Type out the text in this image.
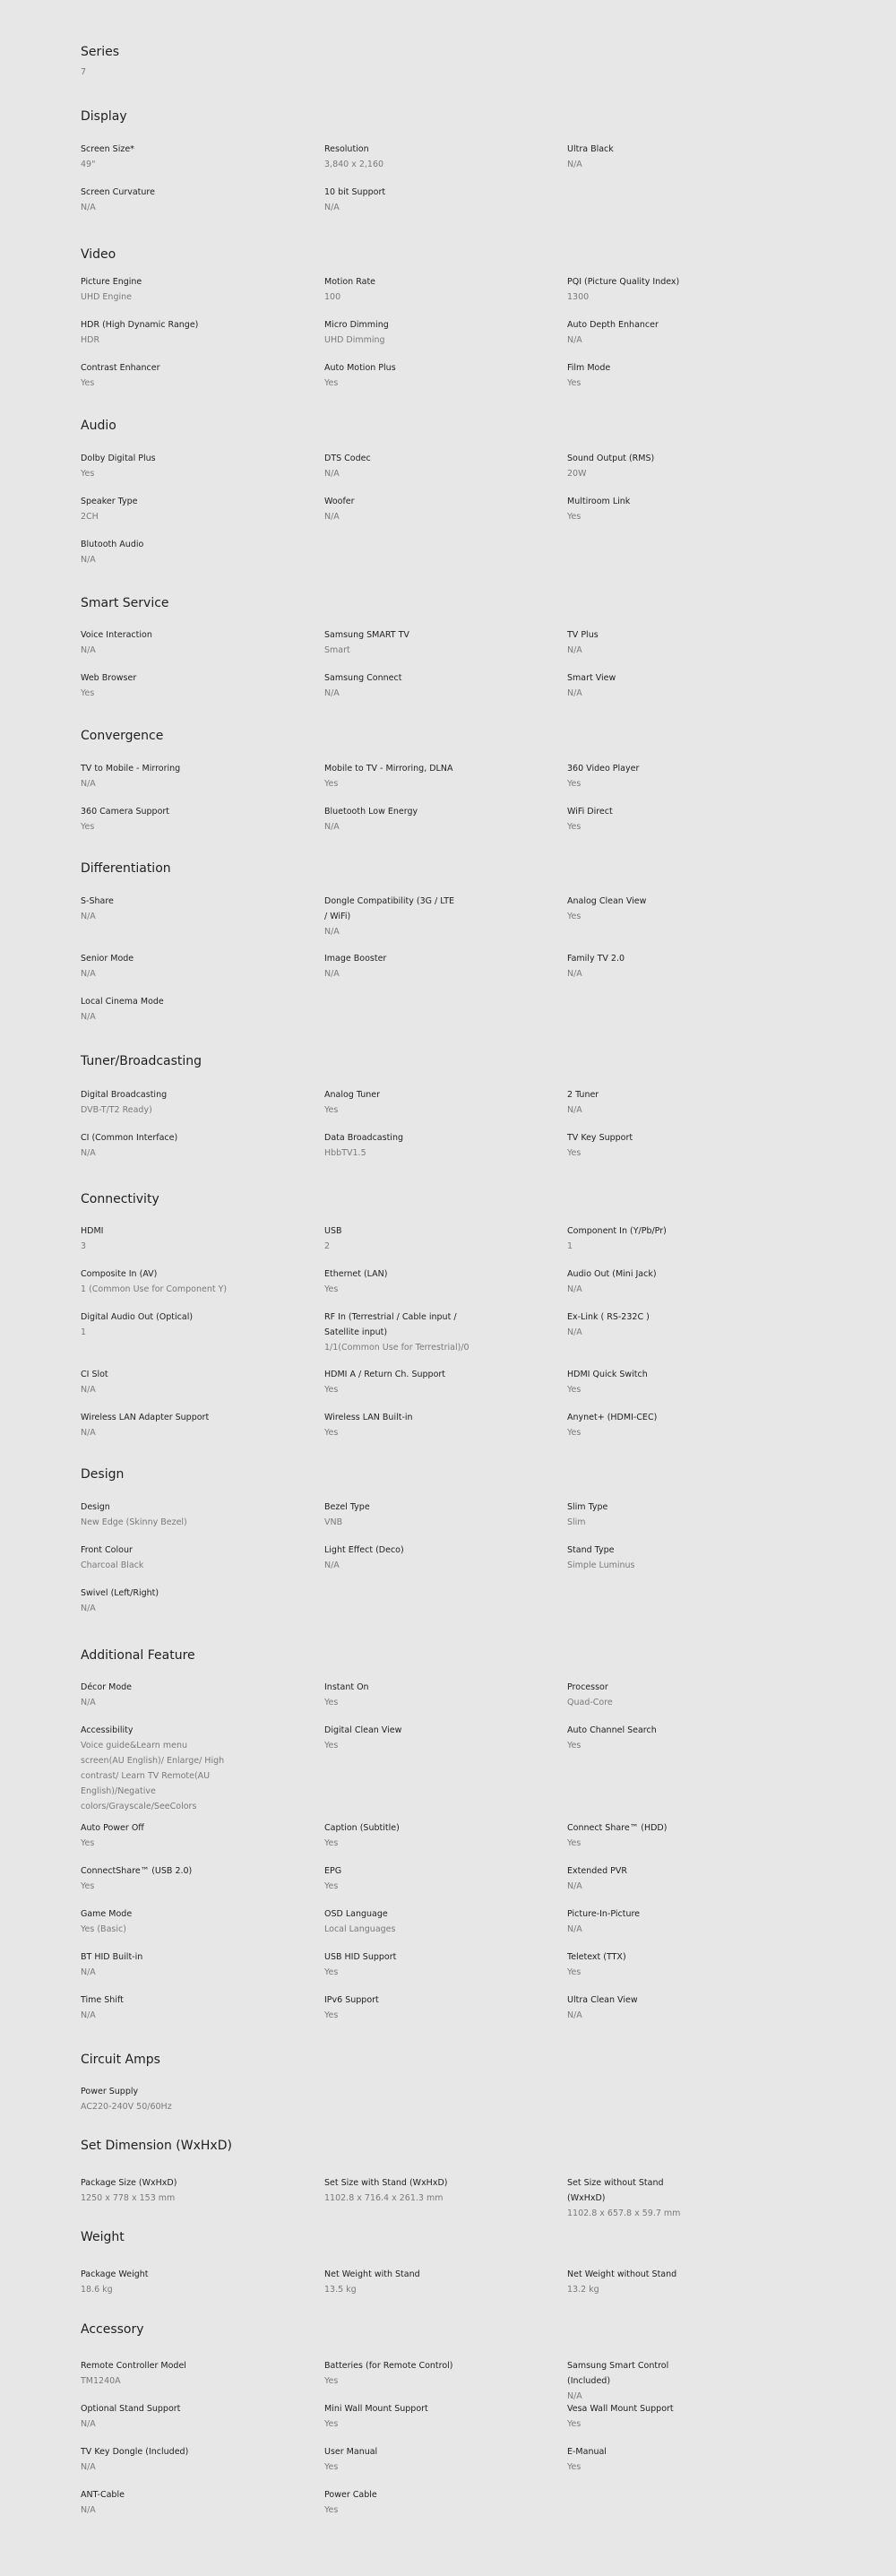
Series
7
Display
Screen Size*
49"
Resolution
3,840 x 2,160
Ultra Black
N/A
Screen Curvature
N/A
10 bit Support
N/A
Video
Picture Engine
UHD Engine
Motion Rate
100
PQI (Picture Quality Index)
1300
HDR (High Dynamic Range)
HDR
Micro Dimming
UHD Dimming
Auto Depth Enhancer
N/A
Contrast Enhancer
Yes
Auto Motion Plus
Yes
Film Mode
Yes
Audio
Dolby Digital Plus
Yes
DTS Codec
N/A
Sound Output (RMS)
20W
Speaker Type
2CH
Woofer
N/A
Multiroom Link
Yes
Blutooth Audio
N/A
Smart Service
Voice Interaction
N/A
Samsung SMART TV
Smart
TV Plus
N/A
Web Browser
Yes
Samsung Connect
N/A
Smart View
N/A
Convergence
TV to Mobile - Mirroring
N/A
Mobile to TV - Mirroring, DLNA
Yes
360 Video Player
Yes
360 Camera Support
Yes
Bluetooth Low Energy
N/A
WiFi Direct
Yes
Differentiation
S-Share
N/A
Dongle Compatibility (3G / LTE / WiFi)
N/A
Analog Clean View
Yes
Senior Mode
N/A
Image Booster
N/A
Family TV 2.0
N/A
Local Cinema Mode
N/A
Tuner/Broadcasting
Digital Broadcasting
DVB-T/T2 Ready)
Analog Tuner
Yes
2 Tuner
N/A
CI (Common Interface)
N/A
Data Broadcasting
HbbTV1.5
TV Key Support
Yes
Connectivity
HDMI
3
USB
2
Component In (Y/Pb/Pr)
1
Composite In (AV)
1 (Common Use for Component Y)
Ethernet (LAN)
Yes
Audio Out (Mini Jack)
N/A
Digital Audio Out (Optical)
1
RF In (Terrestrial / Cable input / Satellite input)
1/1(Common Use for Terrestrial)/0
Ex-Link ( RS-232C )
N/A
CI Slot
N/A
HDMI A / Return Ch. Support
Yes
HDMI Quick Switch
Yes
Wireless LAN Adapter Support
N/A
Wireless LAN Built-in
Yes
Anynet+ (HDMI-CEC)
Yes
Design
Design
New Edge (Skinny Bezel)
Bezel Type
VNB
Slim Type
Slim
Front Colour
Charcoal Black
Light Effect (Deco)
N/A
Stand Type
Simple Luminus
Swivel (Left/Right)
N/A
Additional Feature
Décor Mode
N/A
Instant On
Yes
Processor
Quad-Core
Accessibility
Voice guide&Learn menu screen(AU English)/ Enlarge/ High contrast/ Learn TV Remote(AU English)/Negative colors/Grayscale/SeeColors
Digital Clean View
Yes
Auto Channel Search
Yes
Auto Power Off
Yes
Caption (Subtitle)
Yes
Connect Share™ (HDD)
Yes
ConnectShare™ (USB 2.0)
Yes
EPG
Yes
Extended PVR
N/A
Game Mode
Yes (Basic)
OSD Language
Local Languages
Picture-In-Picture
N/A
BT HID Built-in
N/A
USB HID Support
Yes
Teletext (TTX)
Yes
Time Shift
N/A
IPv6 Support
Yes
Ultra Clean View
N/A
Circuit Amps
Power Supply
AC220-240V 50/60Hz
Set Dimension (WxHxD)
Package Size (WxHxD)
1250 x 778 x 153 mm
Set Size with Stand (WxHxD)
1102.8 x 716.4 x 261.3 mm
Set Size without Stand (WxHxD)
1102.8 x 657.8 x 59.7 mm
Weight
Package Weight
18.6 kg
Net Weight with Stand
13.5 kg
Net Weight without Stand
13.2 kg
Accessory
Remote Controller Model
TM1240A
Batteries (for Remote Control)
Yes
Samsung Smart Control (Included)
N/A
Optional Stand Support
N/A
Mini Wall Mount Support
Yes
Vesa Wall Mount Support
Yes
TV Key Dongle (Included)
N/A
User Manual
Yes
E-Manual
Yes
ANT-Cable
N/A
Power Cable
Yes
